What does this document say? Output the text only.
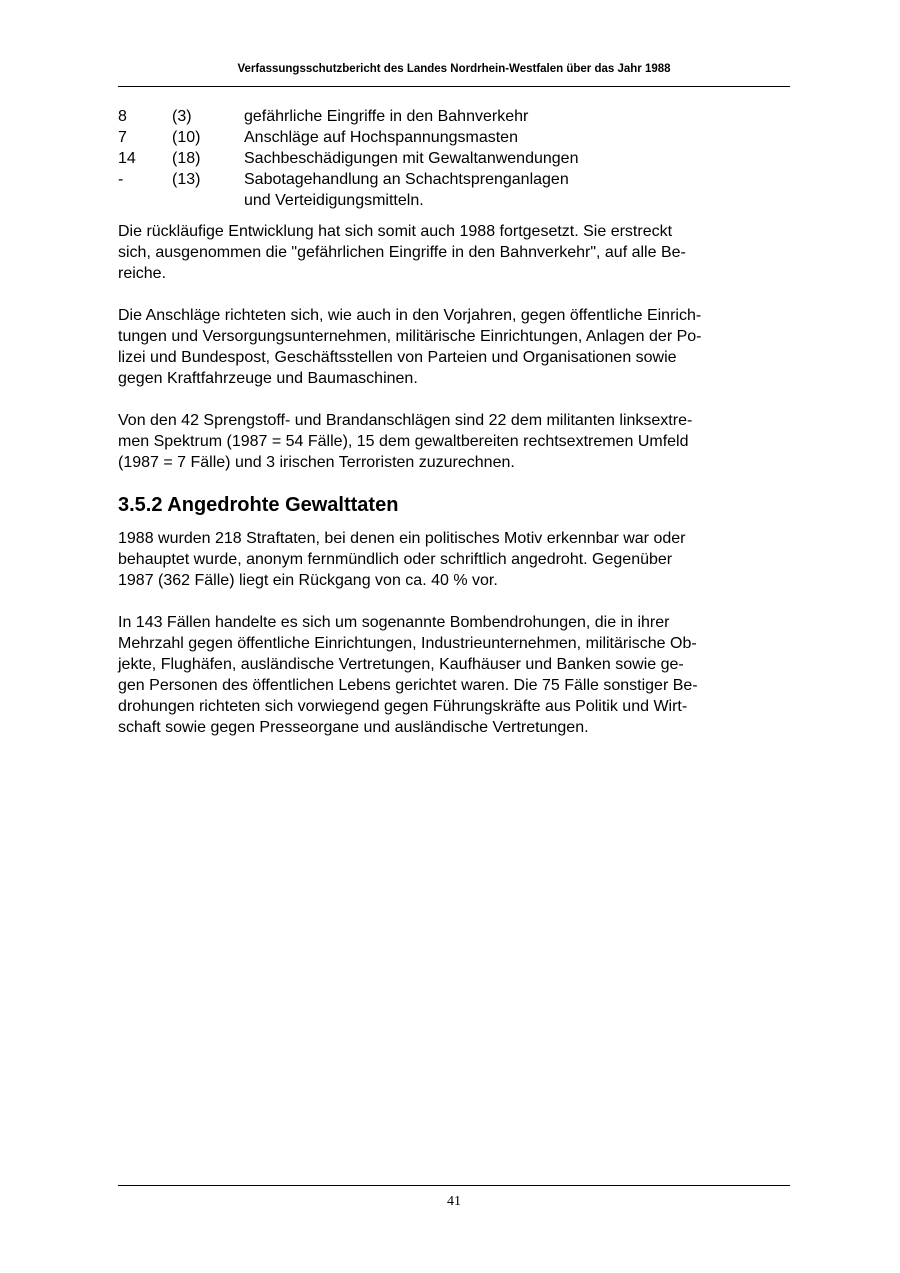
Verfassungsschutzbericht des Landes Nordrhein-Westfalen über das Jahr 1988
8	(3)	gefährliche Eingriffe in den Bahnverkehr
7	(10)	Anschläge auf Hochspannungsmasten
14	(18)	Sachbeschädigungen mit Gewaltanwendungen
-	(13)	Sabotagehandlung an Schachtsprenganlagen
und Verteidigungsmitteln.

Die rückläufige Entwicklung hat sich somit auch 1988 fortgesetzt. Sie erstreckt
sich, ausgenommen die "gefährlichen Eingriffe in den Bahnverkehr", auf alle Be-
reiche.

Die Anschläge richteten sich, wie auch in den Vorjahren, gegen öffentliche Einrich-
tungen und Versorgungsunternehmen, militärische Einrichtungen, Anlagen der Po-
lizei und Bundespost, Geschäftsstellen von Parteien und Organisationen sowie
gegen Kraftfahrzeuge und Baumaschinen.

Von den 42 Sprengstoff- und Brandanschlägen sind 22 dem militanten linksextre-
men Spektrum (1987 = 54 Fälle), 15 dem gewaltbereiten rechtsextremen Umfeld
(1987 = 7 Fälle) und 3 irischen Terroristen zuzurechnen.

3.5.2 Angedrohte Gewalttaten

1988 wurden 218 Straftaten, bei denen ein politisches Motiv erkennbar war oder
behauptet wurde, anonym fernmündlich oder schriftlich angedroht. Gegenüber
1987 (362 Fälle) liegt ein Rückgang von ca. 40 % vor.

In 143 Fällen handelte es sich um sogenannte Bombendrohungen, die in ihrer
Mehrzahl gegen öffentliche Einrichtungen, Industrieunternehmen, militärische Ob-
jekte, Flughäfen, ausländische Vertretungen, Kaufhäuser und Banken sowie ge-
gen Personen des öffentlichen Lebens gerichtet waren. Die 75 Fälle sonstiger Be-
drohungen richteten sich vorwiegend gegen Führungskräfte aus Politik und Wirt-
schaft sowie gegen Presseorgane und ausländische Vertretungen.

41
